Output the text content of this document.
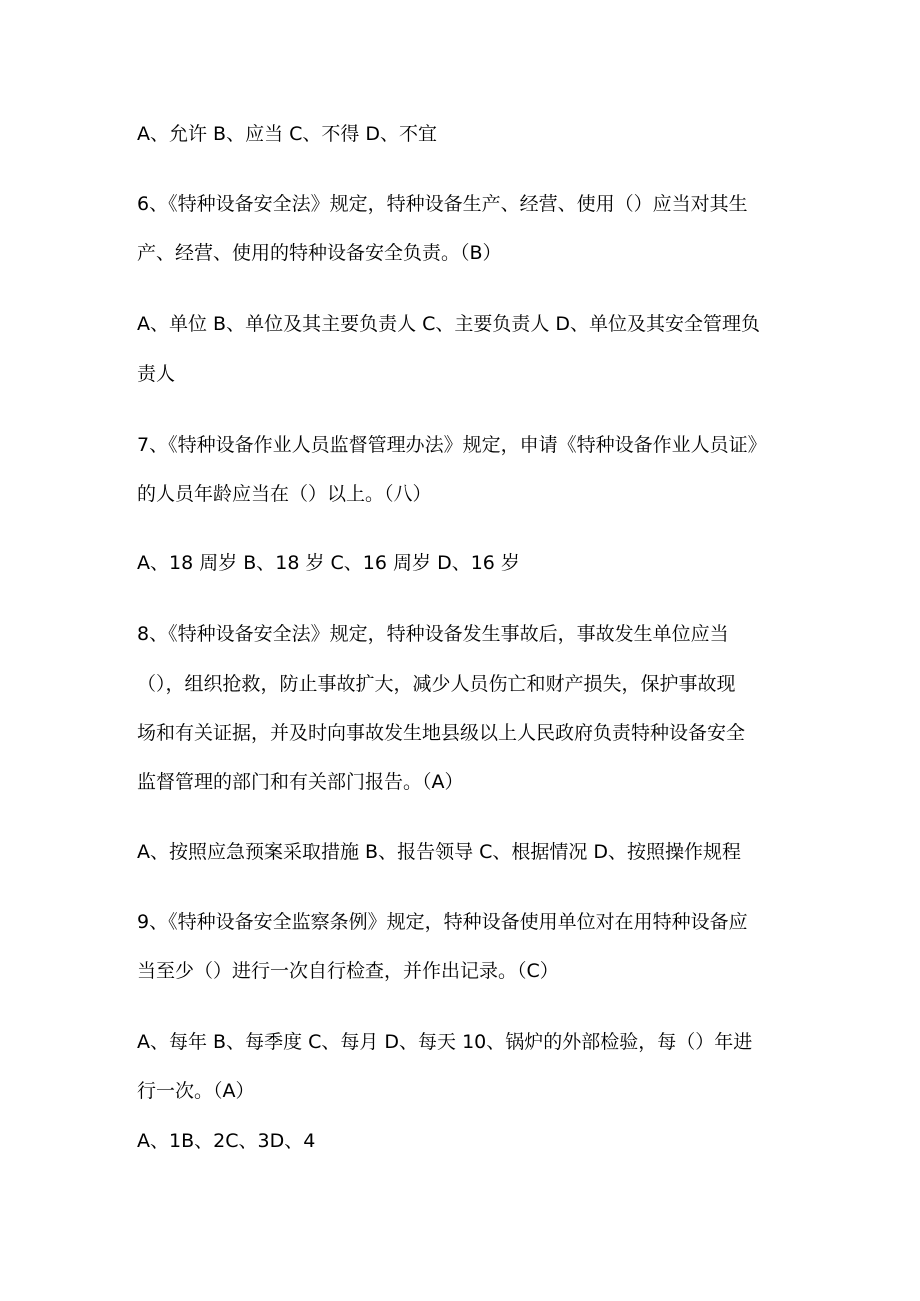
A、允许 B、应当 C、不得 D、不宜
6、《特种设备安全法》规定，特种设备生产、经营、使用（）应当对其生
产、经营、使用的特种设备安全负责。（B）
A、单位 B、单位及其主要负责人 C、主要负责人 D、单位及其安全管理负
责人
7、《特种设备作业人员监督管理办法》规定，申请《特种设备作业人员证》
的人员年龄应当在（）以上。（八）
A、18 周岁 B、18 岁 C、16 周岁 D、16 岁
8、《特种设备安全法》规定，特种设备发生事故后，事故发生单位应当
（），组织抢救，防止事故扩大，减少人员伤亡和财产损失，保护事故现
场和有关证据，并及时向事故发生地县级以上人民政府负责特种设备安全
监督管理的部门和有关部门报告。（A）
A、按照应急预案采取措施 B、报告领导 C、根据情况 D、按照操作规程
9、《特种设备安全监察条例》规定，特种设备使用单位对在用特种设备应
当至少（）进行一次自行检查，并作出记录。（C）
A、每年 B、每季度 C、每月 D、每天 10、锅炉的外部检验，每（）年进
行一次。（A）
A、1B、2C、3D、4
